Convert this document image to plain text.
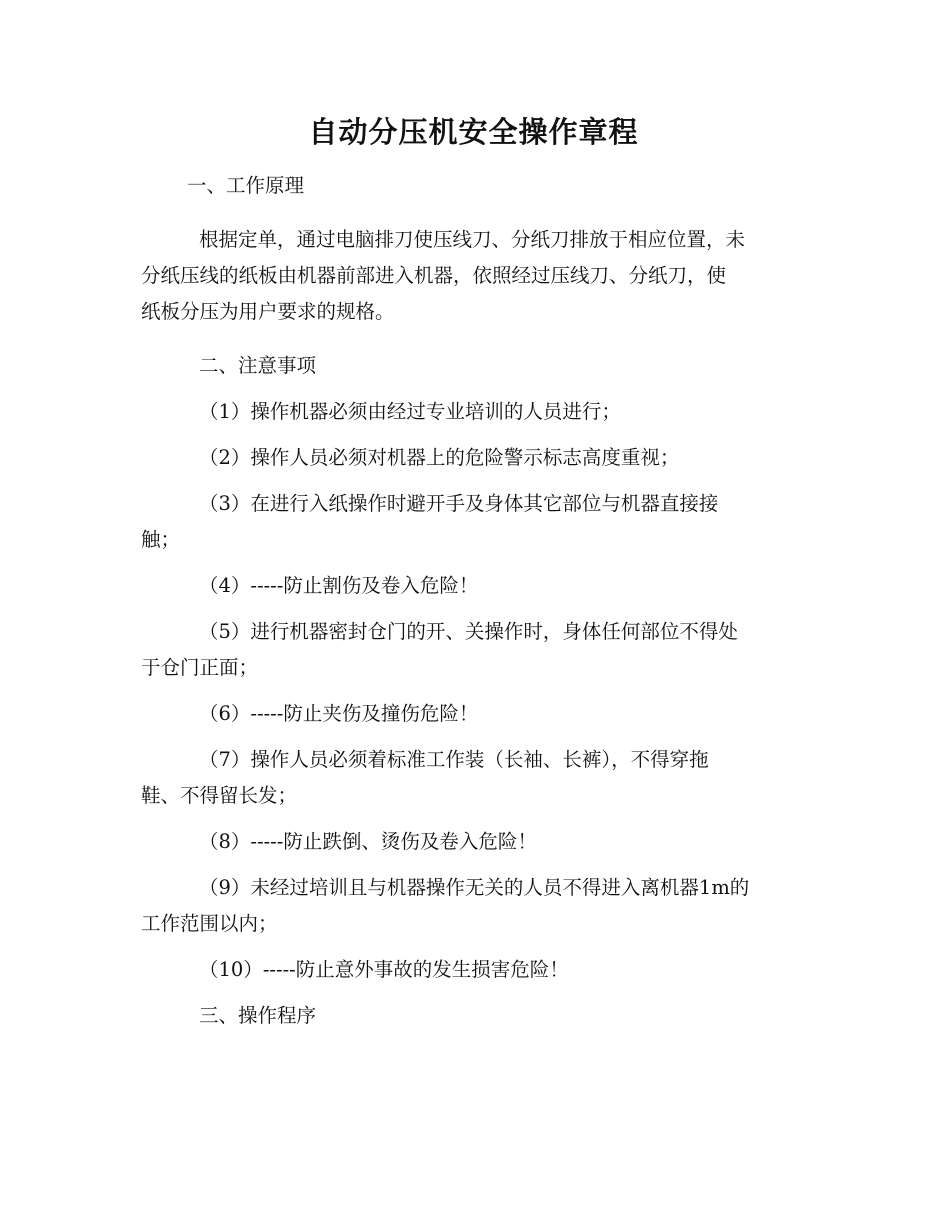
自动分压机安全操作章程

一、工作原理

根据定单，通过电脑排刀使压线刀、分纸刀排放于相应位置，未
分纸压线的纸板由机器前部进入机器，依照经过压线刀、分纸刀，使
纸板分压为用户要求的规格。

二、注意事项

（1）操作机器必须由经过专业培训的人员进行；
（2）操作人员必须对机器上的危险警示标志高度重视；
（3）在进行入纸操作时避开手及身体其它部位与机器直接接
触；
（4）-----防止割伤及卷入危险！
（5）进行机器密封仓门的开、关操作时，身体任何部位不得处
于仓门正面；
（6）-----防止夹伤及撞伤危险！
（7）操作人员必须着标准工作装（长袖、长裤），不得穿拖
鞋、不得留长发；
（8）-----防止跌倒、烫伤及卷入危险！
（9）未经过培训且与机器操作无关的人员不得进入离机器1m的
工作范围以内；
（10）-----防止意外事故的发生损害危险！

三、操作程序
